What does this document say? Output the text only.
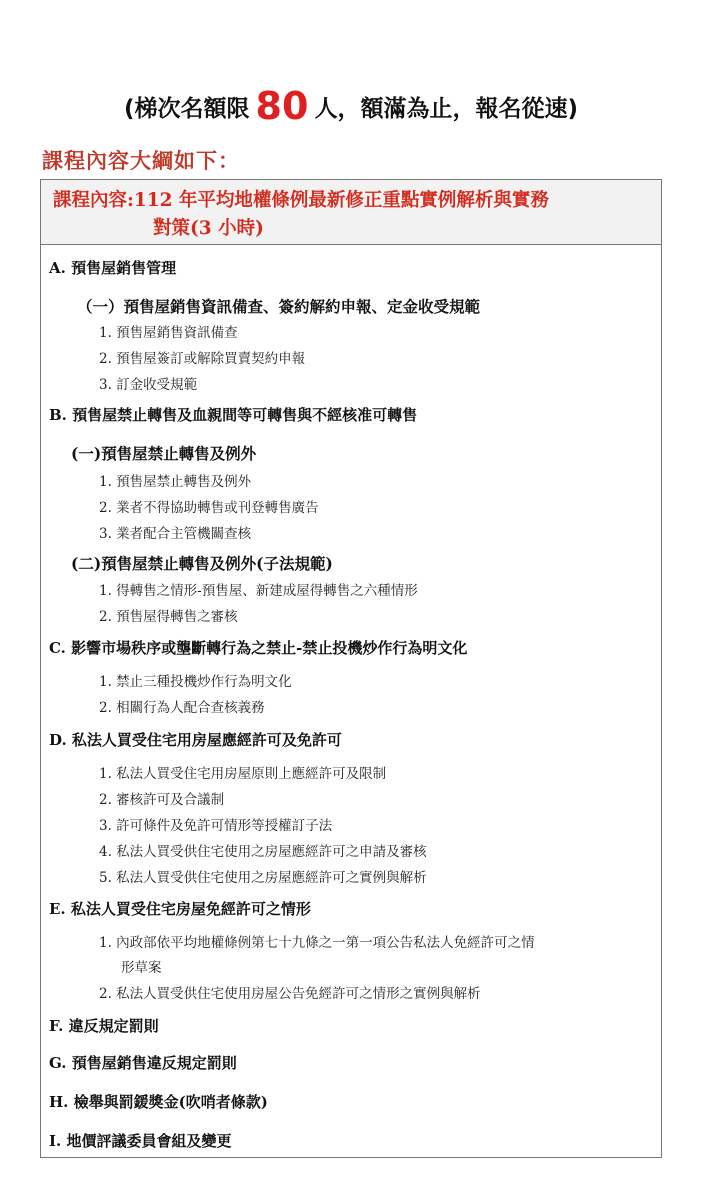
(梯次名額限 80 人，額滿為止，報名從速)
課程內容大綱如下：
課程內容:112 年平均地權條例最新修正重點實例解析與實務
對策(3 小時)
A. 預售屋銷售管理
（一）預售屋銷售資訊備查、簽約解約申報、定金收受規範
1. 預售屋銷售資訊備查
2. 預售屋簽訂或解除買賣契約申報
3. 訂金收受規範
B. 預售屋禁止轉售及血親間等可轉售與不經核准可轉售
(一)預售屋禁止轉售及例外
1. 預售屋禁止轉售及例外
2. 業者不得協助轉售或刊登轉售廣告
3. 業者配合主管機關查核
(二)預售屋禁止轉售及例外(子法規範)
1. 得轉售之情形-預售屋、新建成屋得轉售之六種情形
2. 預售屋得轉售之審核
C. 影響市場秩序或壟斷轉行為之禁止-禁止投機炒作行為明文化
1. 禁止三種投機炒作行為明文化
2. 相關行為人配合查核義務
D. 私法人買受住宅用房屋應經許可及免許可
1. 私法人買受住宅用房屋原則上應經許可及限制
2. 審核許可及合議制
3. 許可條件及免許可情形等授權訂子法
4. 私法人買受供住宅使用之房屋應經許可之申請及審核
5. 私法人買受供住宅使用之房屋應經許可之實例與解析
E. 私法人買受住宅房屋免經許可之情形
1. 內政部依平均地權條例第七十九條之一第一項公告私法人免經許可之情
形草案
2. 私法人買受供住宅使用房屋公告免經許可之情形之實例與解析
F. 違反規定罰則
G. 預售屋銷售違反規定罰則
H. 檢舉與罰鍰獎金(吹哨者條款)
I. 地價評議委員會組及變更
